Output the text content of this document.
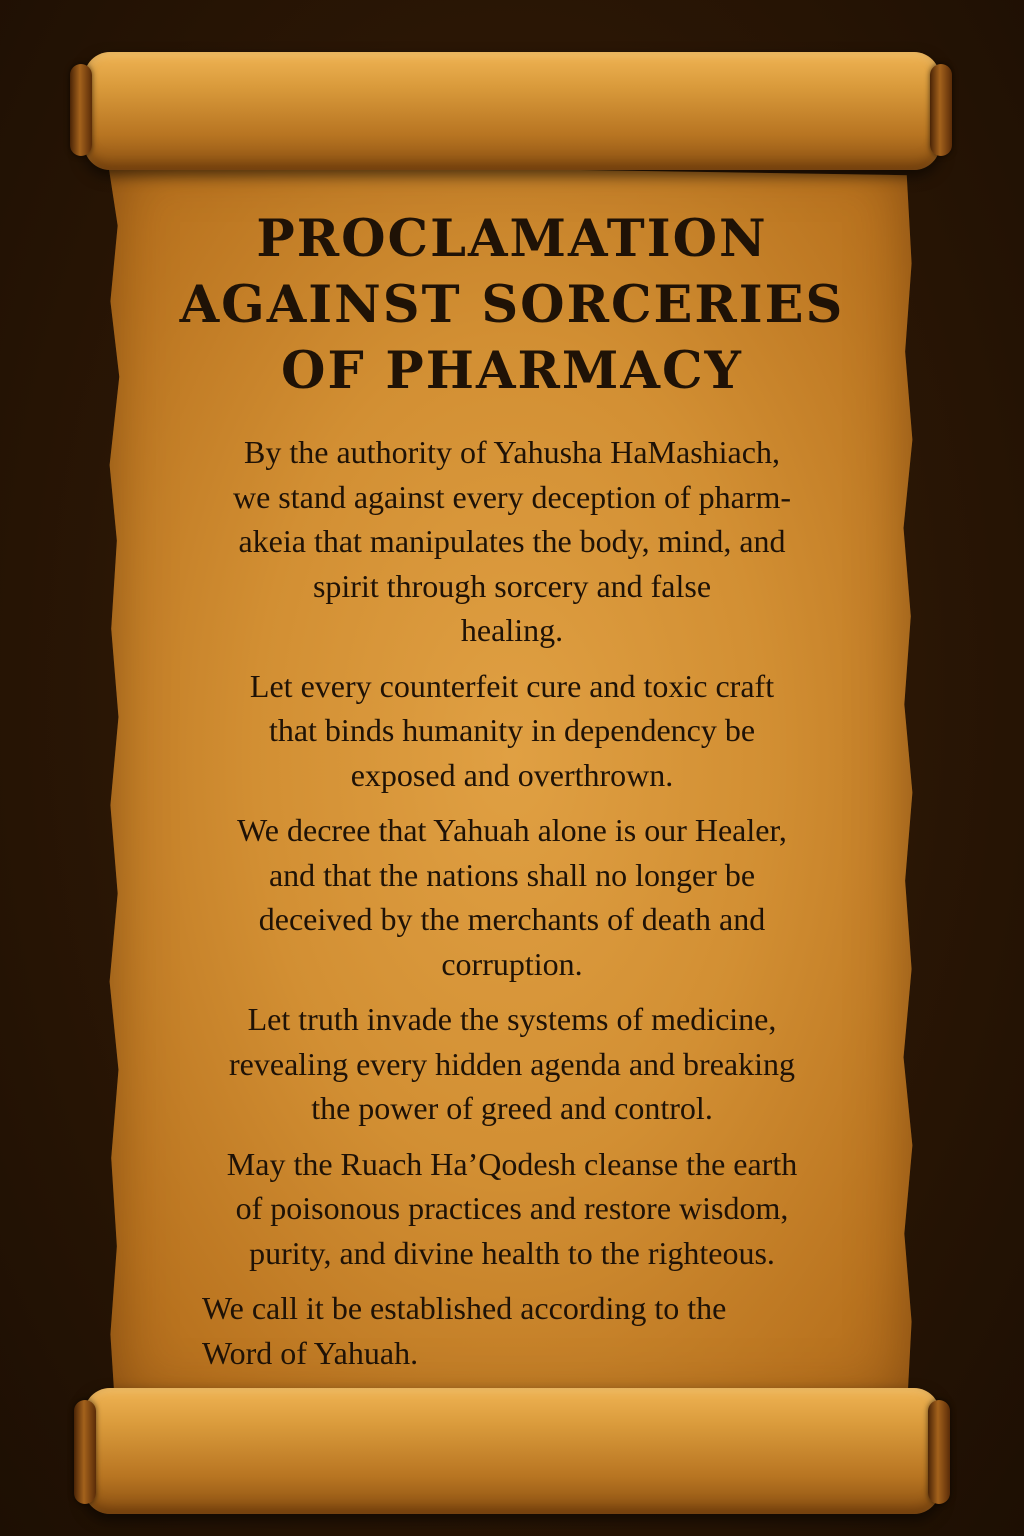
PROCLAMATION
AGAINST SORCERIES
OF PHARMACY

By the authority of Yahusha HaMashiach,
we stand against every deception of pharm-
akeia that manipulates the body, mind, and
spirit through sorcery and false
healing.

Let every counterfeit cure and toxic craft
that binds humanity in dependency be
exposed and overthrown.

We decree that Yahuah alone is our Healer,
and that the nations shall no longer be
deceived by the merchants of death and
corruption.

Let truth invade the systems of medicine,
revealing every hidden agenda and breaking
the power of greed and control.

May the Ruach Ha’Qodesh cleanse the earth
of poisonous practices and restore wisdom,
purity, and divine health to the righteous.

We call it be established according to the
Word of Yahuah.
